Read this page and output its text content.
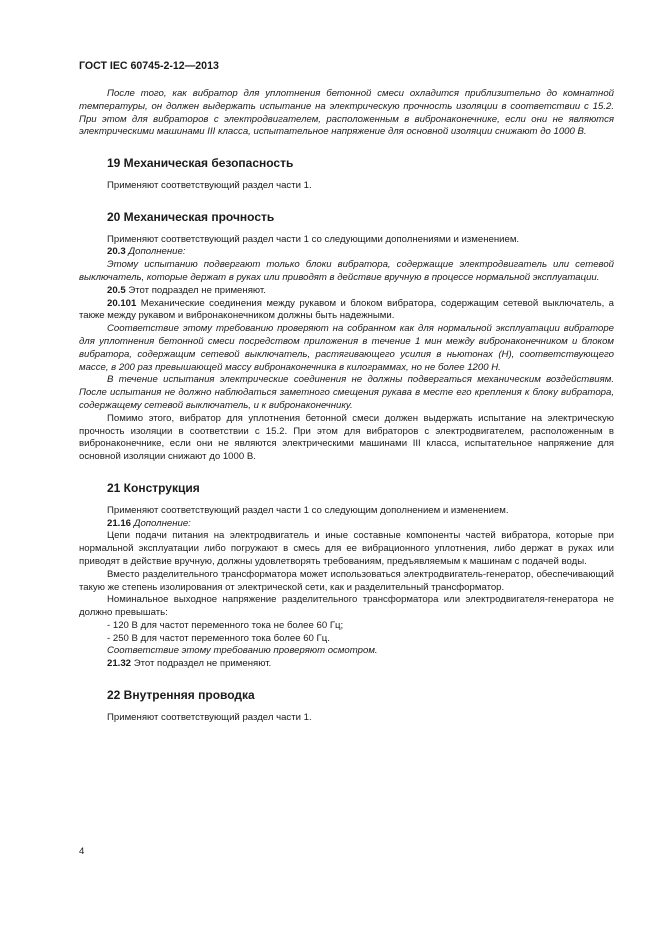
ГОСТ IEC 60745-2-12—2013

После того, как вибратор для уплотнения бетонной смеси охладится приблизительно до комнатной температуры, он должен выдержать испытание на электрическую прочность изоляции в соответствии с 15.2. При этом для вибраторов с электродвигателем, расположенным в вибронаконечнике, если они не являются электрическими машинами III класса, испытательное напряжение для основной изоляции снижают до 1000 В.

19 Механическая безопасность

Применяют соответствующий раздел части 1.

20 Механическая прочность

Применяют соответствующий раздел части 1 со следующими дополнениями и изменением.

20.3 Дополнение:

Этому испытанию подвергают только блоки вибратора, содержащие электродвигатель или сетевой выключатель, которые держат в руках или приводят в действие вручную в процессе нормальной эксплуатации.

20.5 Этот подраздел не применяют.

20.101 Механические соединения между рукавом и блоком вибратора, содержащим сетевой выключатель, а также между рукавом и вибронаконечником должны быть надежными.

Соответствие этому требованию проверяют на собранном как для нормальной эксплуатации вибраторе для уплотнения бетонной смеси посредством приложения в течение 1 мин между вибронаконечником и блоком вибратора, содержащим сетевой выключатель, растягивающего усилия в ньютонах (Н), соответствующего массе, в 200 раз превышающей массу вибронаконечника в килограммах, но не более 1200 Н.

В течение испытания электрические соединения не должны подвергаться механическим воздействиям. После испытания не должно наблюдаться заметного смещения рукава в месте его крепления к блоку вибратора, содержащему сетевой выключатель, и к вибронаконечнику.

Помимо этого, вибратор для уплотнения бетонной смеси должен выдержать испытание на электрическую прочность изоляции в соответствии с 15.2. При этом для вибраторов с электродвигателем, расположенным в вибронаконечнике, если они не являются электрическими машинами III класса, испытательное напряжение для основной изоляции снижают до 1000 В.

21 Конструкция

Применяют соответствующий раздел части 1 со следующим дополнением и изменением.

21.16 Дополнение:

Цепи подачи питания на электродвигатель и иные составные компоненты частей вибратора, которые при нормальной эксплуатации либо погружают в смесь для ее вибрационного уплотнения, либо держат в руках или приводят в действие вручную, должны удовлетворять требованиям, предъявляемым к машинам с подачей воды.

Вместо разделительного трансформатора может использоваться электродвигатель-генератор, обеспечивающий такую же степень изолирования от электрической сети, как и разделительный трансформатор.

Номинальное выходное напряжение разделительного трансформатора или электродвигателя-генератора не должно превышать:

- 120 В для частот переменного тока не более 60 Гц;

- 250 В для частот переменного тока более 60 Гц.

Соответствие этому требованию проверяют осмотром.

21.32 Этот подраздел не применяют.

22 Внутренняя проводка

Применяют соответствующий раздел части 1.

4
